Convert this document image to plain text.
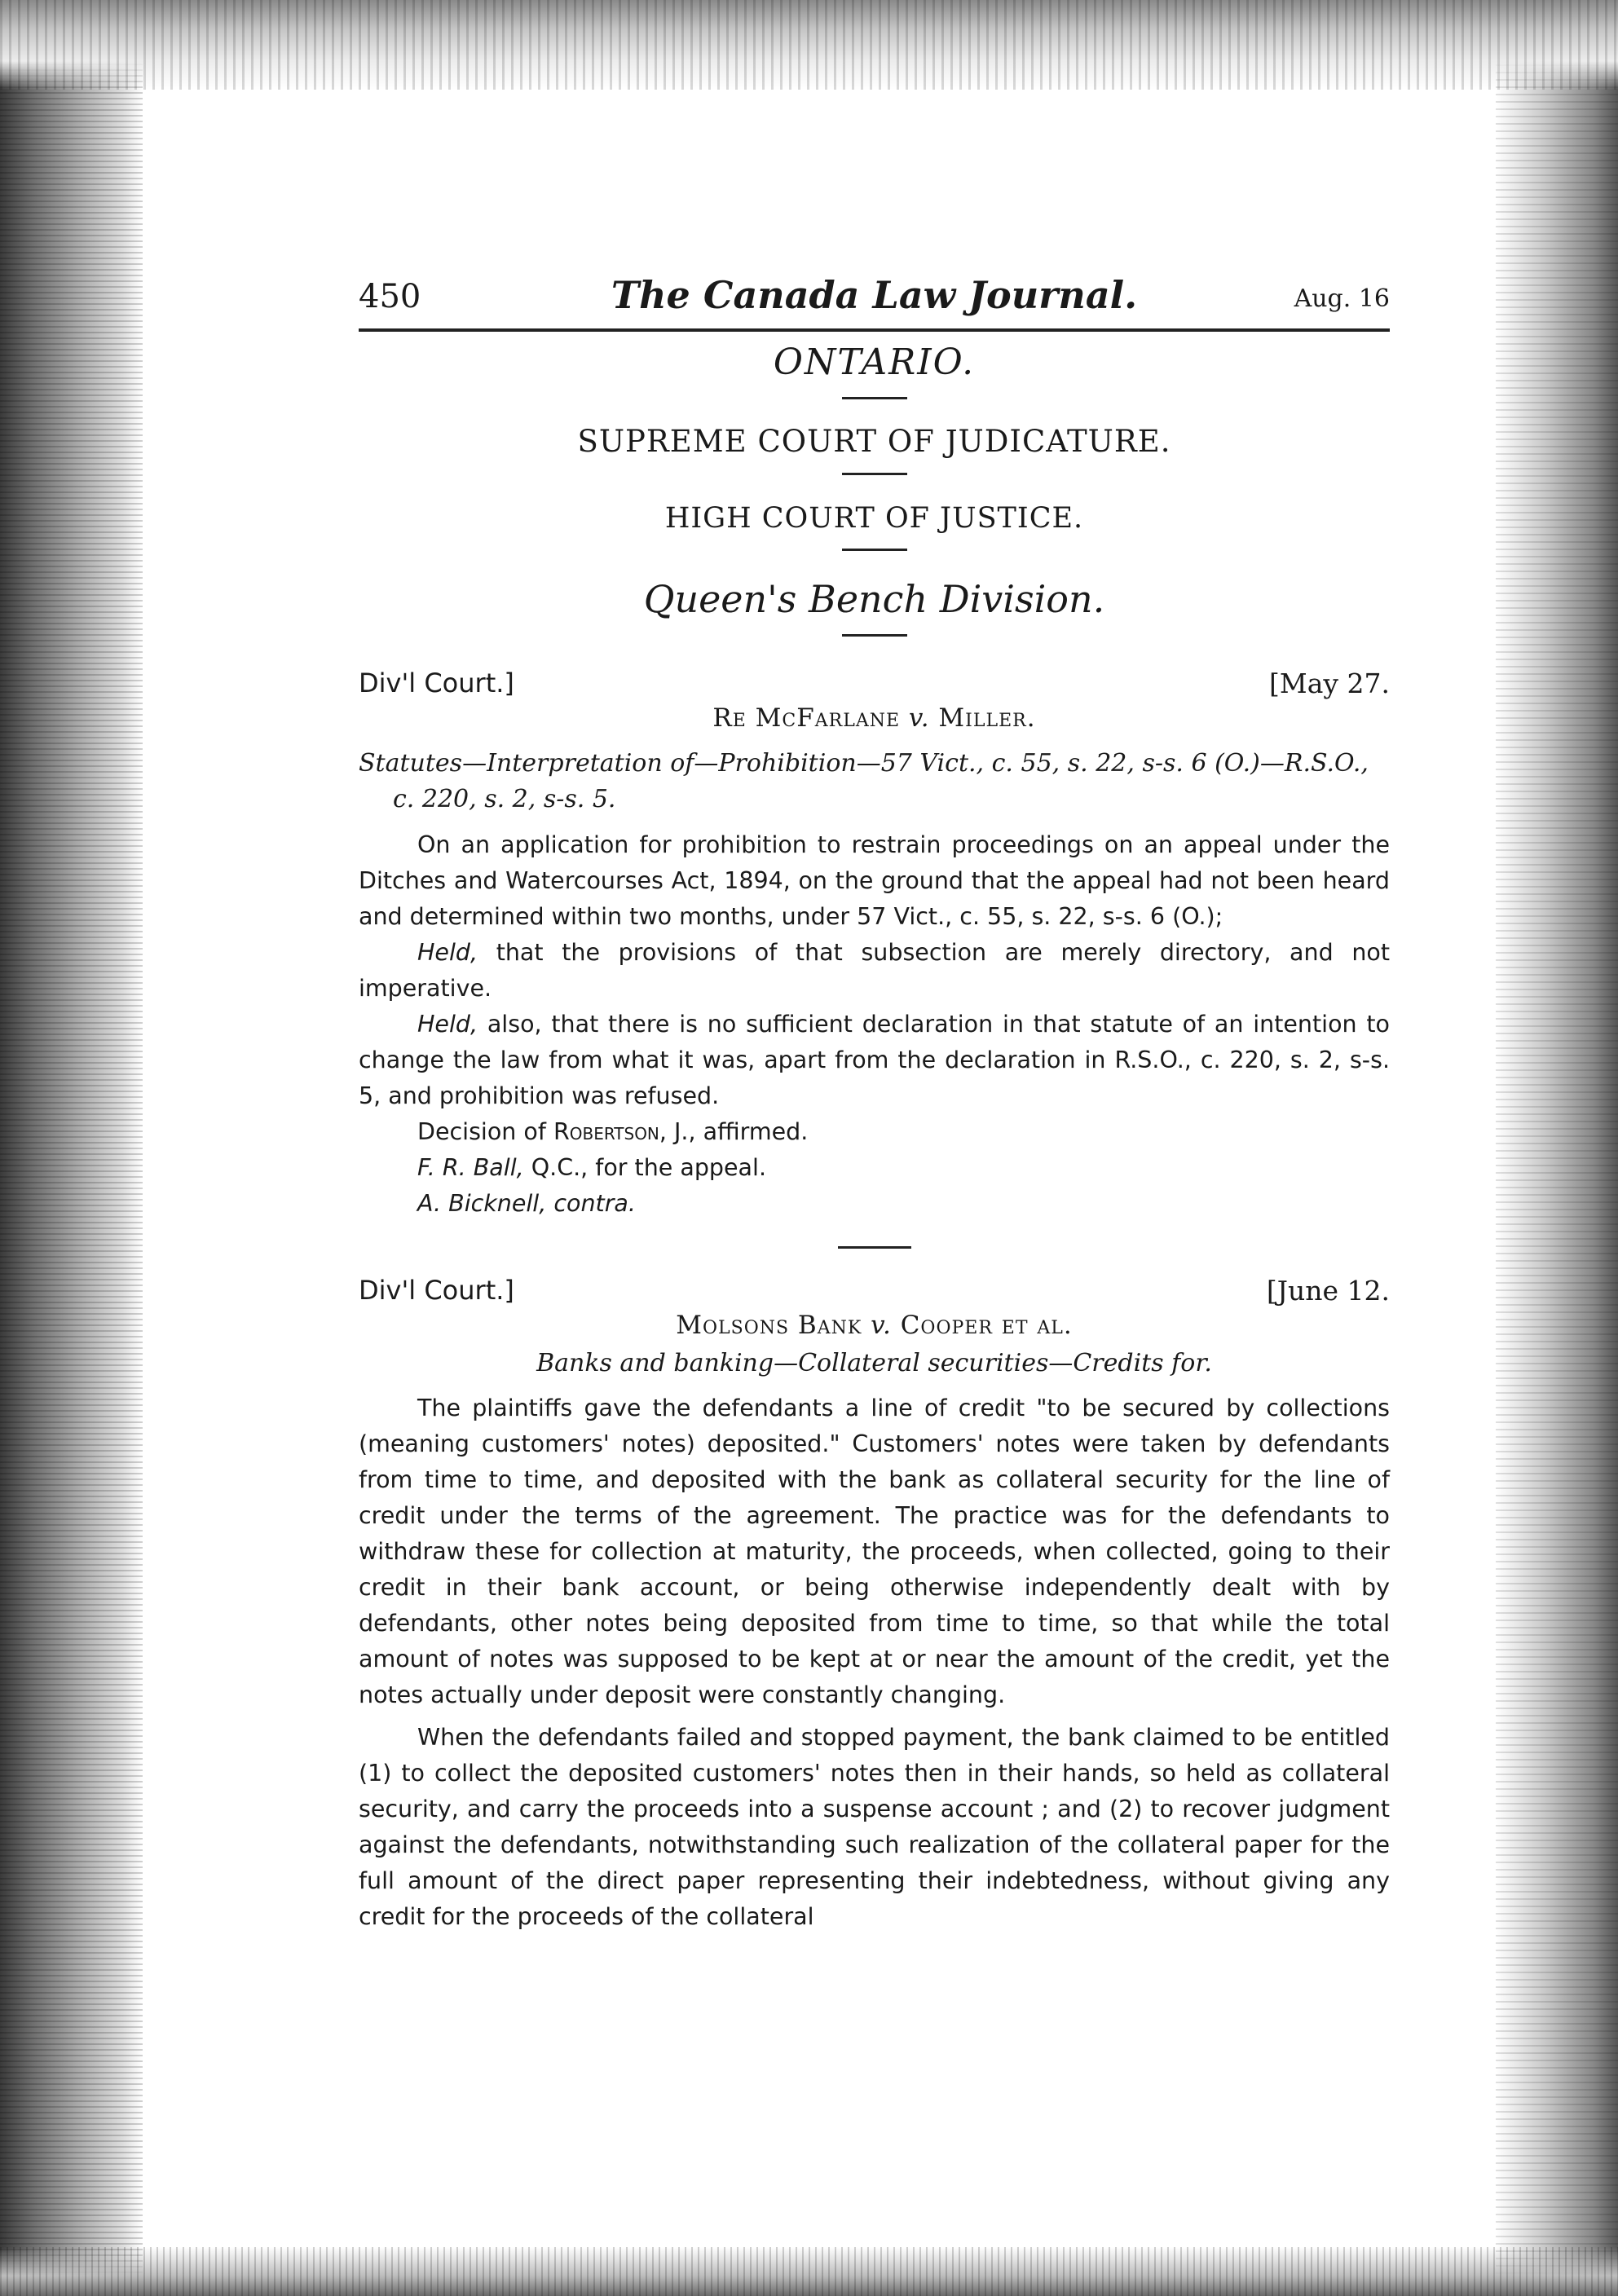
450	The Canada Law Journal.	Aug. 16
ONTARIO.
SUPREME COURT OF JUDICATURE.
HIGH COURT OF JUSTICE.
Queen's Bench Division.
Div'l Court.]	[May 27.
Re McFarlane v. Miller.
Statutes—Interpretation of—Prohibition—57 Vict., c. 55, s. 22, s-s. 6 (O.)—R.S.O., c. 220, s. 2, s-s. 5.

On an application for prohibition to restrain proceedings on an appeal under the Ditches and Watercourses Act, 1894, on the ground that the appeal had not been heard and determined within two months, under 57 Vict., c. 55, s. 22, s-s. 6 (O.);

Held, that the provisions of that subsection are merely directory, and not imperative.

Held, also, that there is no sufficient declaration in that statute of an intention to change the law from what it was, apart from the declaration in R.S.O., c. 220, s. 2, s-s. 5, and prohibition was refused.

Decision of Robertson, J., affirmed.
F. R. Ball, Q.C., for the appeal.
A. Bicknell, contra.
Div'l Court.]	[June 12.
Molsons Bank v. Cooper et al.
Banks and banking—Collateral securities—Credits for.

The plaintiffs gave the defendants a line of credit "to be secured by collections (meaning customers' notes) deposited." Customers' notes were taken by defendants from time to time, and deposited with the bank as collateral security for the line of credit under the terms of the agreement. The practice was for the defendants to withdraw these for collection at maturity, the proceeds, when collected, going to their credit in their bank account, or being otherwise independently dealt with by defendants, other notes being deposited from time to time, so that while the total amount of notes was supposed to be kept at or near the amount of the credit, yet the notes actually under deposit were constantly changing.

When the defendants failed and stopped payment, the bank claimed to be entitled (1) to collect the deposited customers' notes then in their hands, so held as collateral security, and carry the proceeds into a suspense account ; and (2) to recover judgment against the defendants, notwithstanding such realization of the collateral paper for the full amount of the direct paper representing their indebtedness, without giving any credit for the proceeds of the collateral
